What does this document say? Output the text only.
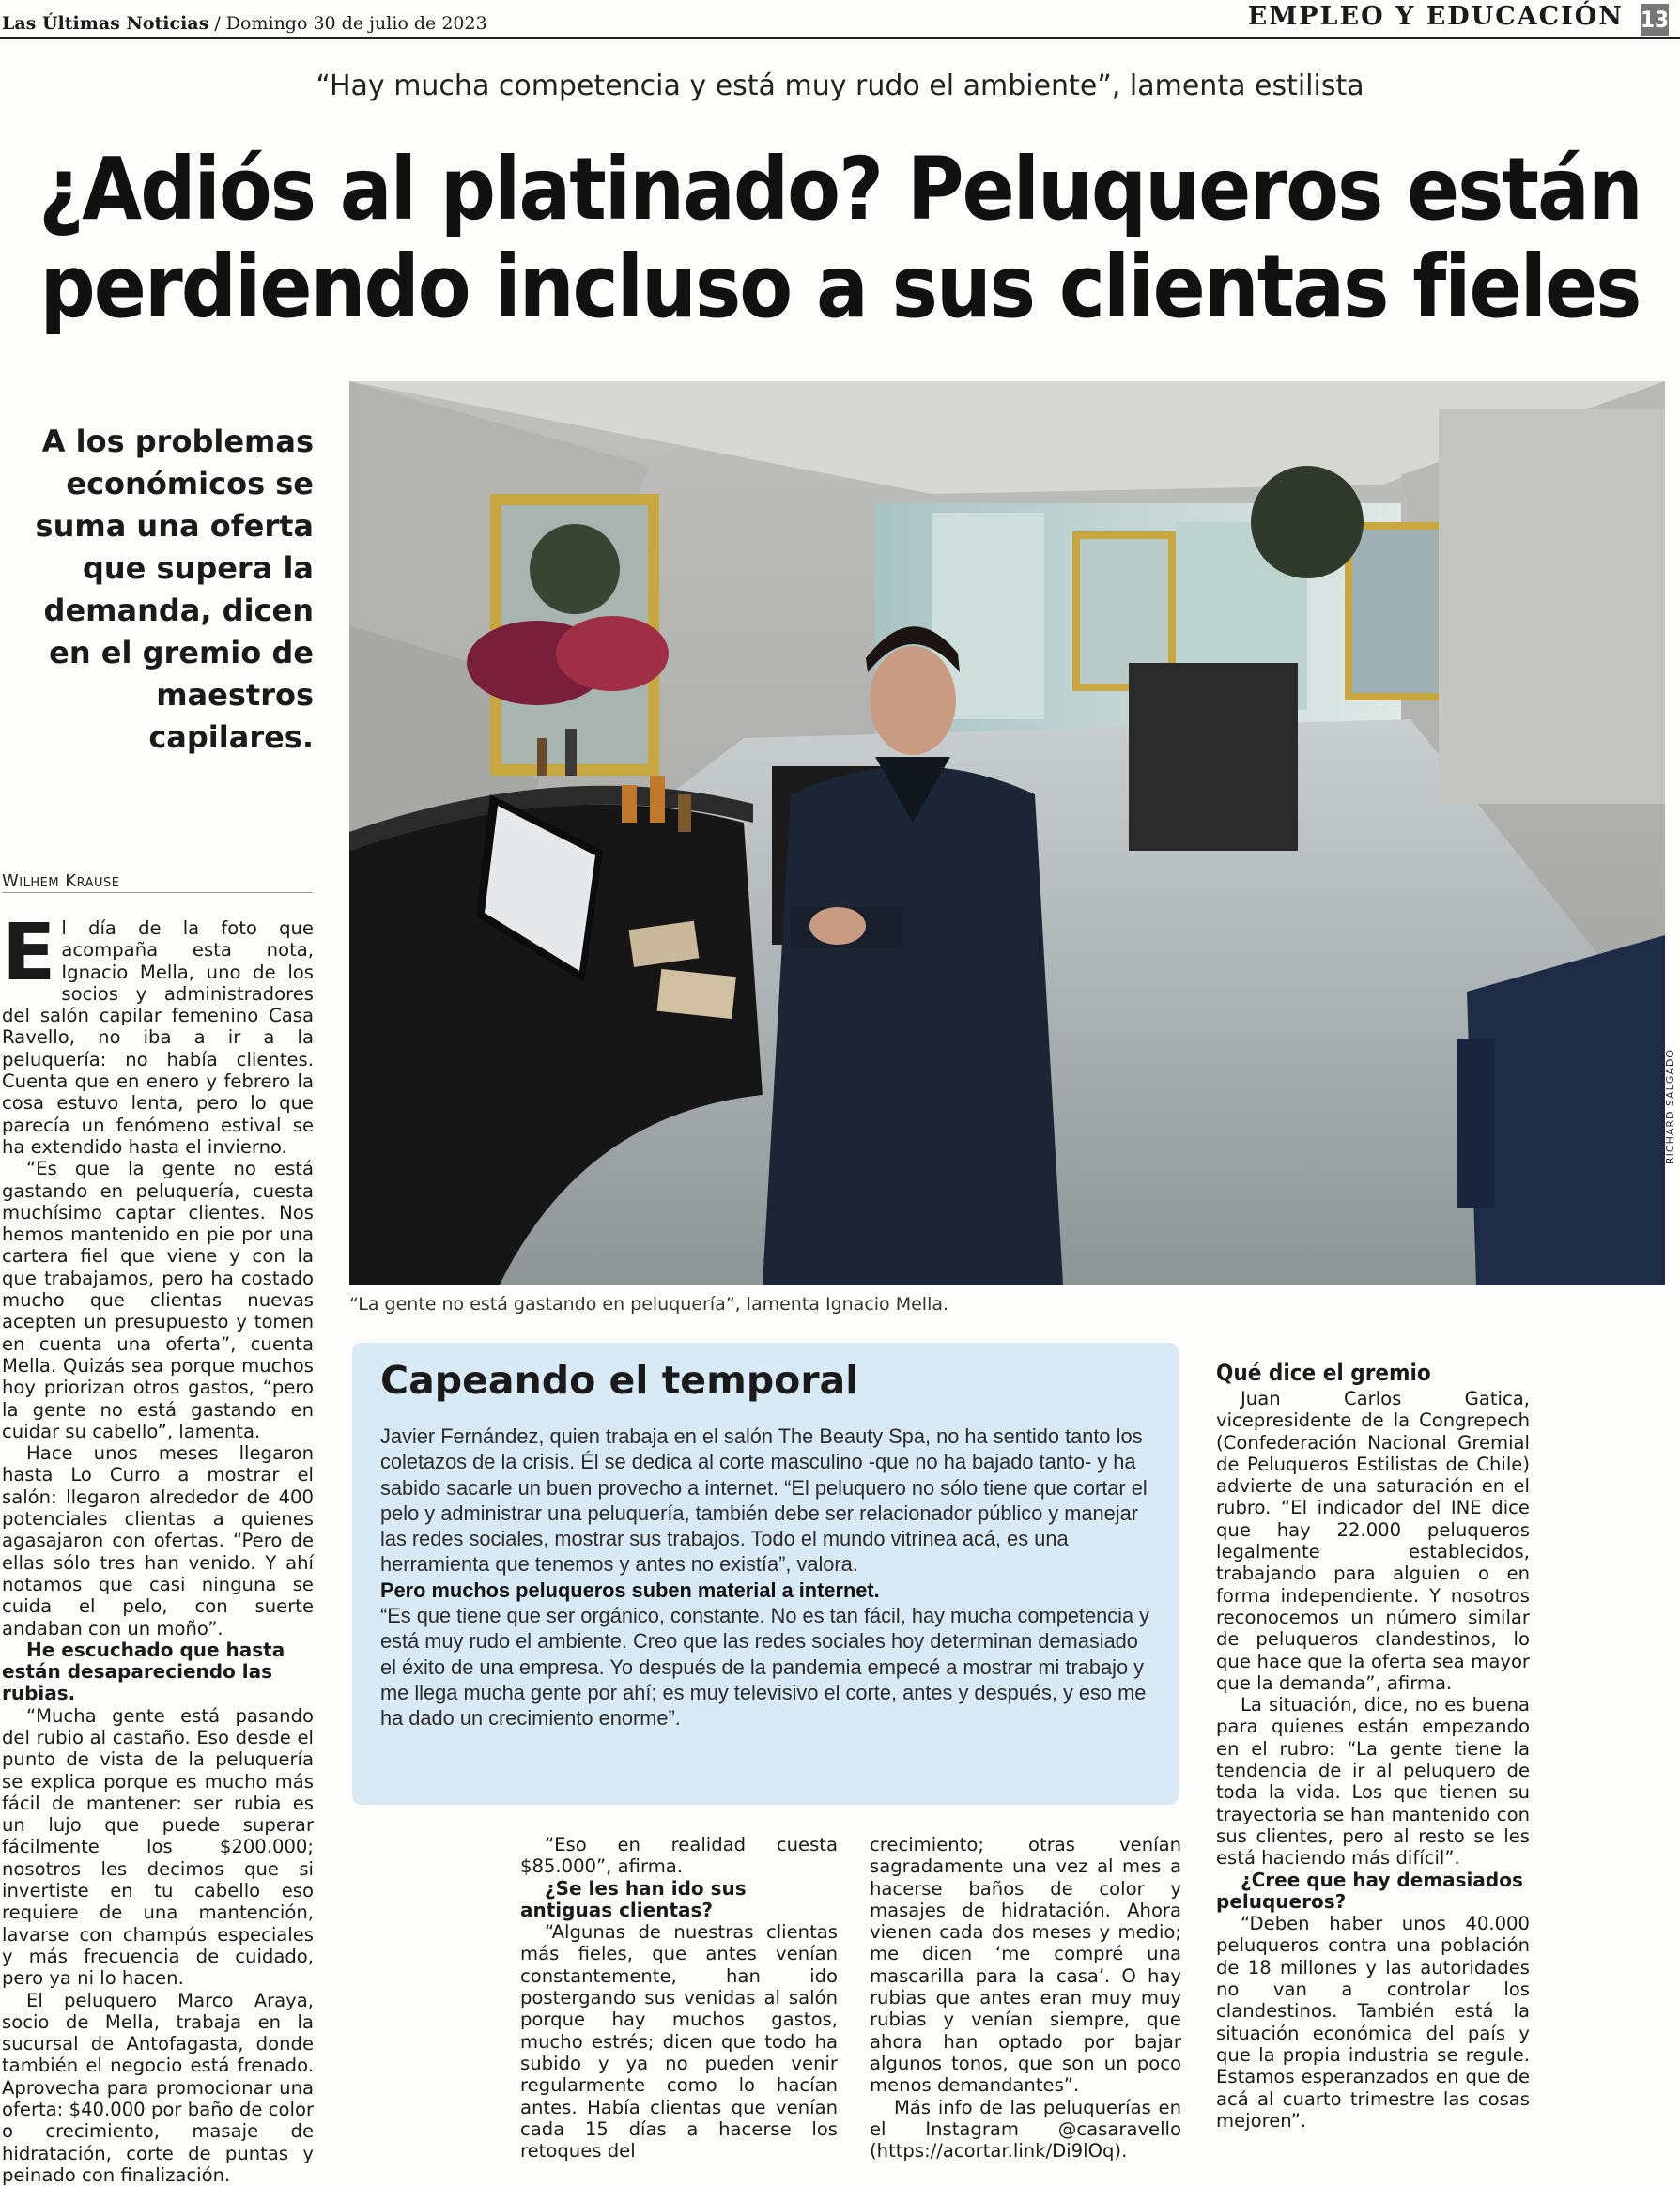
Las Últimas Noticias / Domingo 30 de julio de 2023	EMPLEO Y EDUCACIÓN 13
“Hay mucha competencia y está muy rudo el ambiente”, lamenta estilista
¿Adiós al platinado? Peluqueros están
perdiendo incluso a sus clientas fieles
A los problemas económicos se suma una oferta que supera la demanda, dicen en el gremio de maestros capilares.
RICHARD SALGADO
“La gente no está gastando en peluquería”, lamenta Ignacio Mella.
Wilhem Krause

El día de la foto que acompaña esta nota, Ignacio Mella, uno de los socios y administradores del salón capilar femenino Casa Ravello, no iba a ir a la peluquería: no había clientes. Cuenta que en enero y febrero la cosa estuvo lenta, pero lo que parecía un fenómeno estival se ha extendido hasta el invierno.

“Es que la gente no está gastando en peluquería, cuesta muchísimo captar clientes. Nos hemos mantenido en pie por una cartera fiel que viene y con la que trabajamos, pero ha costado mucho que clientas nuevas acepten un presupuesto y tomen en cuenta una oferta”, cuenta Mella. Quizás sea porque muchos hoy priorizan otros gastos, “pero la gente no está gastando en cuidar su cabello”, lamenta.

Hace unos meses llegaron hasta Lo Curro a mostrar el salón: llegaron alrededor de 400 potenciales clientas a quienes agasajaron con ofertas. “Pero de ellas sólo tres han venido. Y ahí notamos que casi ninguna se cuida el pelo, con suerte andaban con un moño”.

He escuchado que hasta están desapareciendo las rubias.

“Mucha gente está pasando del rubio al castaño. Eso desde el punto de vista de la peluquería se explica porque es mucho más fácil de mantener: ser rubia es un lujo que puede superar fácilmente los $200.000; nosotros les decimos que si invertiste en tu cabello eso requiere de una mantención, lavarse con champús especiales y más frecuencia de cuidado, pero ya ni lo hacen.

El peluquero Marco Araya, socio de Mella, trabaja en la sucursal de Antofagasta, donde también el negocio está frenado. Aprovecha para promocionar una oferta: $40.000 por baño de color o crecimiento, masaje de hidratación, corte de puntas y peinado con finalización.

Capeando el temporal

Javier Fernández, quien trabaja en el salón The Beauty Spa, no ha sentido tanto los coletazos de la crisis. Él se dedica al corte masculino -que no ha bajado tanto- y ha sabido sacarle un buen provecho a internet. “El peluquero no sólo tiene que cortar el pelo y administrar una peluquería, también debe ser relacionador público y manejar las redes sociales, mostrar sus trabajos. Todo el mundo vitrinea acá, es una herramienta que tenemos y antes no existía”, valora.

Pero muchos peluqueros suben material a internet.

“Es que tiene que ser orgánico, constante. No es tan fácil, hay mucha competencia y está muy rudo el ambiente. Creo que las redes sociales hoy determinan demasiado el éxito de una empresa. Yo después de la pandemia empecé a mostrar mi trabajo y me llega mucha gente por ahí; es muy televisivo el corte, antes y después, y eso me ha dado un crecimiento enorme”.

“Eso en realidad cuesta $85.000”, afirma.

¿Se les han ido sus antiguas clientas?

“Algunas de nuestras clientas más fieles, que antes venían constantemente, han ido postergando sus venidas al salón porque hay muchos gastos, mucho estrés; dicen que todo ha subido y ya no pueden venir regularmente como lo hacían antes. Había clientas que venían cada 15 días a hacerse los retoques del

crecimiento; otras venían sagradamente una vez al mes a hacerse baños de color y masajes de hidratación. Ahora vienen cada dos meses y medio; me dicen ‘me compré una mascarilla para la casa’. O hay rubias que antes eran muy muy rubias y venían siempre, que ahora han optado por bajar algunos tonos, que son un poco menos demandantes”.

Más info de las peluquerías en el Instagram @casaravello (https://acortar.link/Di9lOq).

Qué dice el gremio

Juan Carlos Gatica, vicepresidente de la Congrepech (Confederación Nacional Gremial de Peluqueros Estilistas de Chile) advierte de una saturación en el rubro. “El indicador del INE dice que hay 22.000 peluqueros legalmente establecidos, trabajando para alguien o en forma independiente. Y nosotros reconocemos un número similar de peluqueros clandestinos, lo que hace que la oferta sea mayor que la demanda”, afirma.

La situación, dice, no es buena para quienes están empezando en el rubro: “La gente tiene la tendencia de ir al peluquero de toda la vida. Los que tienen su trayectoria se han mantenido con sus clientes, pero al resto se les está haciendo más difícil”.

¿Cree que hay demasiados peluqueros?

“Deben haber unos 40.000 peluqueros contra una población de 18 millones y las autoridades no van a controlar los clandestinos. También está la situación económica del país y que la propia industria se regule. Estamos esperanzados en que de acá al cuarto trimestre las cosas mejoren”.
